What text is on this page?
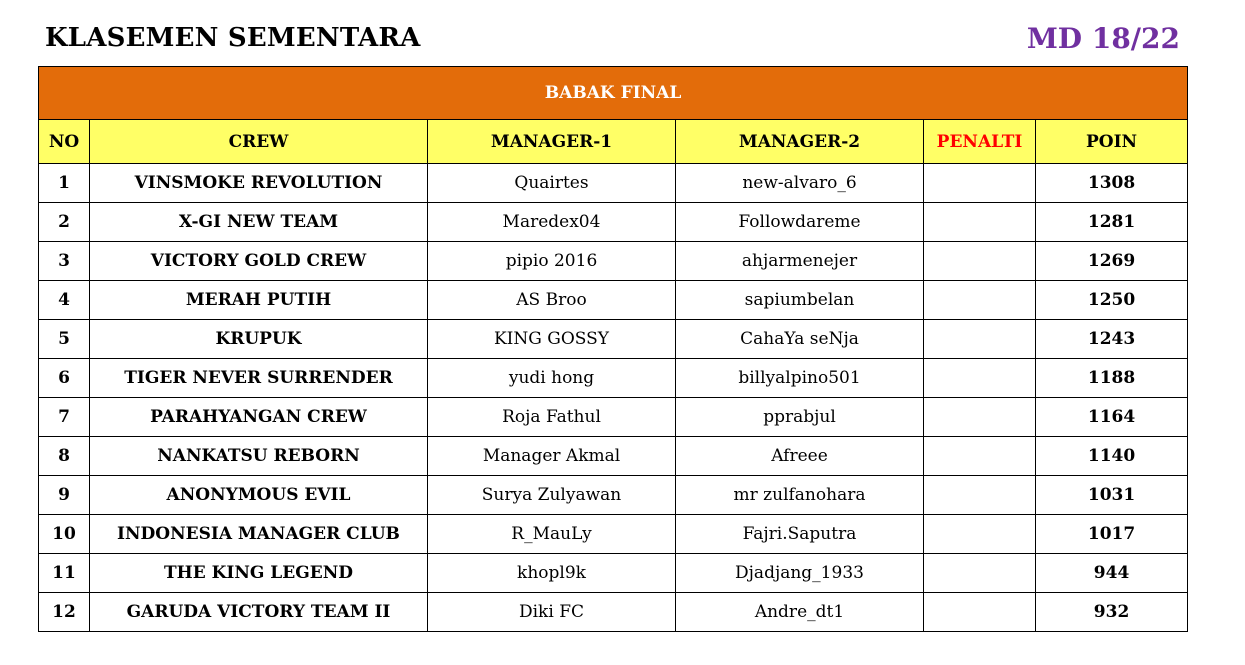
KLASEMEN SEMENTARA	MD 18/22
BABAK FINAL					
NO	CREW	MANAGER-1	MANAGER-2	PENALTI	POIN
1	VINSMOKE REVOLUTION	Quairtes	new-alvaro_6		1308
2	X-GI NEW TEAM	Maredex04	Followdareme		1281
3	VICTORY GOLD CREW	pipio 2016	ahjarmenejer		1269
4	MERAH PUTIH	AS Broo	sapiumbelan		1250
5	KRUPUK	KING GOSSY	CahaYa seNja		1243
6	TIGER NEVER SURRENDER	yudi hong	billyalpino501		1188
7	PARAHYANGAN CREW	Roja Fathul	pprabjul		1164
8	NANKATSU REBORN	Manager Akmal	Afreee		1140
9	ANONYMOUS EVIL	Surya Zulyawan	mr zulfanohara		1031
10	INDONESIA MANAGER CLUB	R_MauLy	Fajri.Saputra		1017
11	THE KING LEGEND	khopl9k	Djadjang_1933		944
12	GARUDA VICTORY TEAM II	Diki FC	Andre_dt1		932
